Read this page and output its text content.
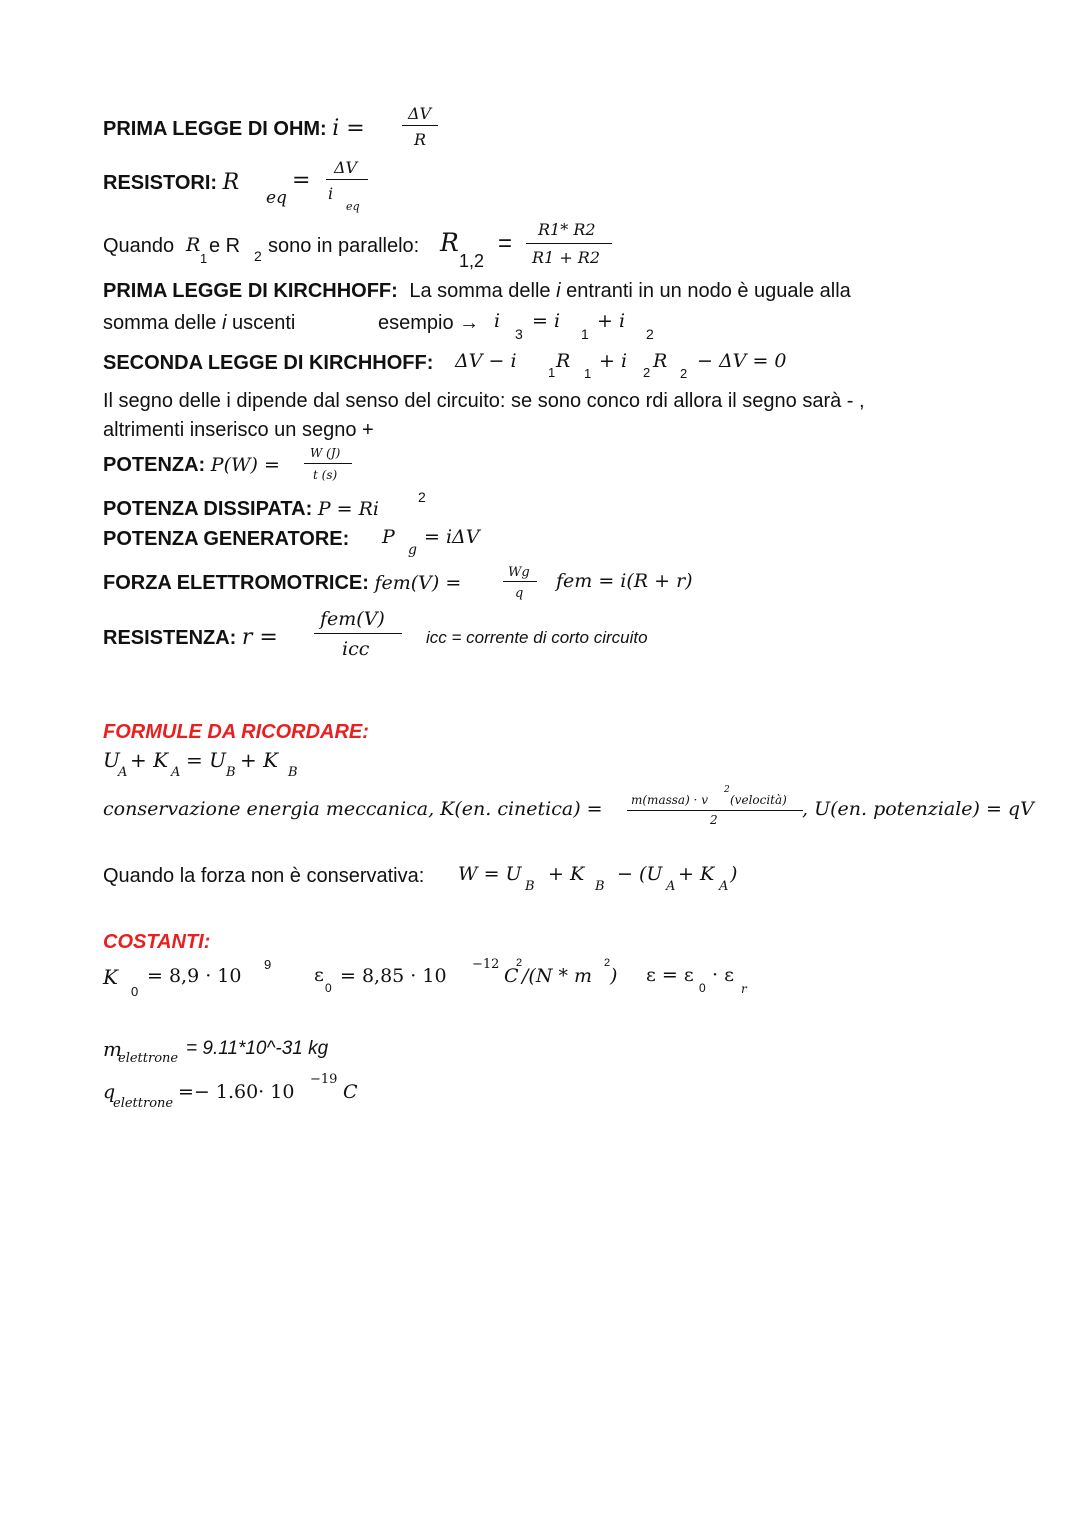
PRIMA LEGGE DI OHM: i =
ΔV
R
RESISTORI: R
eq
=
ΔV
i
eq
Quando R
1
e R 2 sono in parallelo: R
1,2
=
R1* R2
R1 + R2
PRIMA LEGGE DI KIRCHHOFF: La somma delle i entranti in un nodo è uguale alla
somma delle i uscenti	esempio → i
3
= i
1
+ i
2
SECONDA LEGGE DI KIRCHHOFF: ΔV − i
1
R
1
+ i
2
R
2
− ΔV = 0
Il segno delle i dipende dal senso del circuito: se sono conco rdi allora il segno sarà - ,
altrimenti inserisco un segno +
POTENZA: P(W) =
W (J)
t (s)
POTENZA DISSIPATA: P = Ri
2
POTENZA GENERATORE: P
g
= iΔV
FORZA ELETTROMOTRICE: fem(V) =	Wg
q
fem = i(R + r)
RESISTENZA: r =
fem(V)
icc
icc = corrente di corto circuito
FORMULE DA RICORDARE:
U
A
+ K
A
= U
B
+ K
B
conservazione energia meccanica, K(en. cinetica) = m(massa) · v
2
(velocità)
2	, U(en. potenziale) = qV
Quando la forza non è conservativa: W = U
B
+ K
B
− (U
A
+ K
A
)
COSTANTI:
K
0
= 8,9 · 10
9 ε
0
= 8,85 · 10
−12
C
2
/(N * m
2
) ε = ε
0
· ε
r
m
elettrone = 9.11*10^-31 kg
q
elettrone
=− 1.60· 10
−19
C
